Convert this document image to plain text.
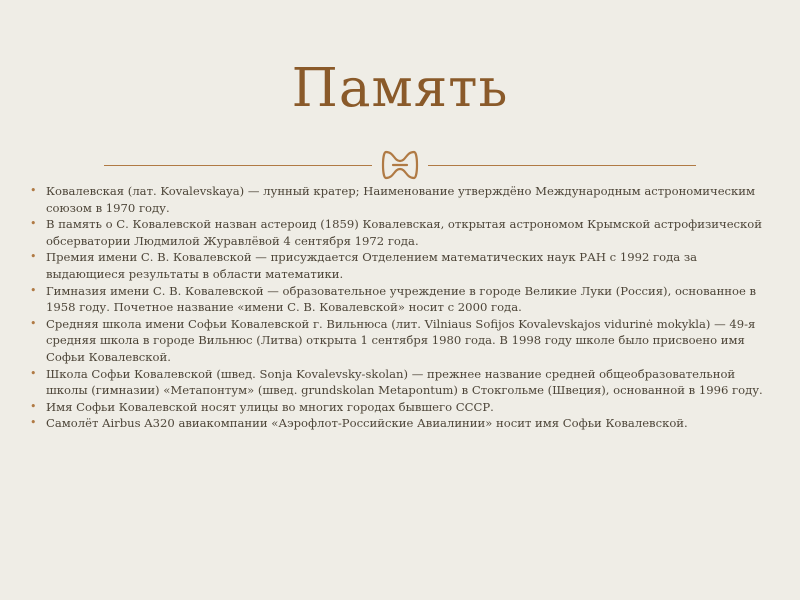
Память
• Ковалевская (лат. Kovalevskaya) — лунный кратер; Наименование утверждёно Международным астрономическим союзом в 1970 году.
• В память о С. Ковалевской назван астероид (1859) Ковалевская, открытая астрономом Крымской астрофизической обсерватории Людмилой Журавлёвой 4 сентября 1972 года.
• Премия имени С. В. Ковалевской — присуждается Отделением математических наук РАН с 1992 года за выдающиеся результаты в области математики.
• Гимназия имени С. В. Ковалевской — образовательное учреждение в городе Великие Луки (Россия), основанное в 1958 году. Почетное название «имени С. В. Ковалевской» носит с 2000 года.
• Средняя школа имени Софьи Ковалевской г. Вильнюса (лит. Vilniaus Sofijos Kovalevskajos vidurinė mokykla) — 49-я средняя школа в городе Вильнюс (Литва) открыта 1 сентября 1980 года. В 1998 году школе было присвоено имя Софьи Ковалевской.
• Школа Софьи Ковалевской (швед. Sonja Kovalevsky-skolan) — прежнее название средней общеобразовательной школы (гимназии) «Метапонтум» (швед. grundskolan Metapontum) в Стокгольме (Швеция), основанной в 1996 году.
• Имя Софьи Ковалевской носят улицы во многих городах бывшего СССР.
• Самолёт Airbus A320 авиакомпании «Аэрофлот-Российские Авиалинии» носит имя Софьи Ковалевской.
